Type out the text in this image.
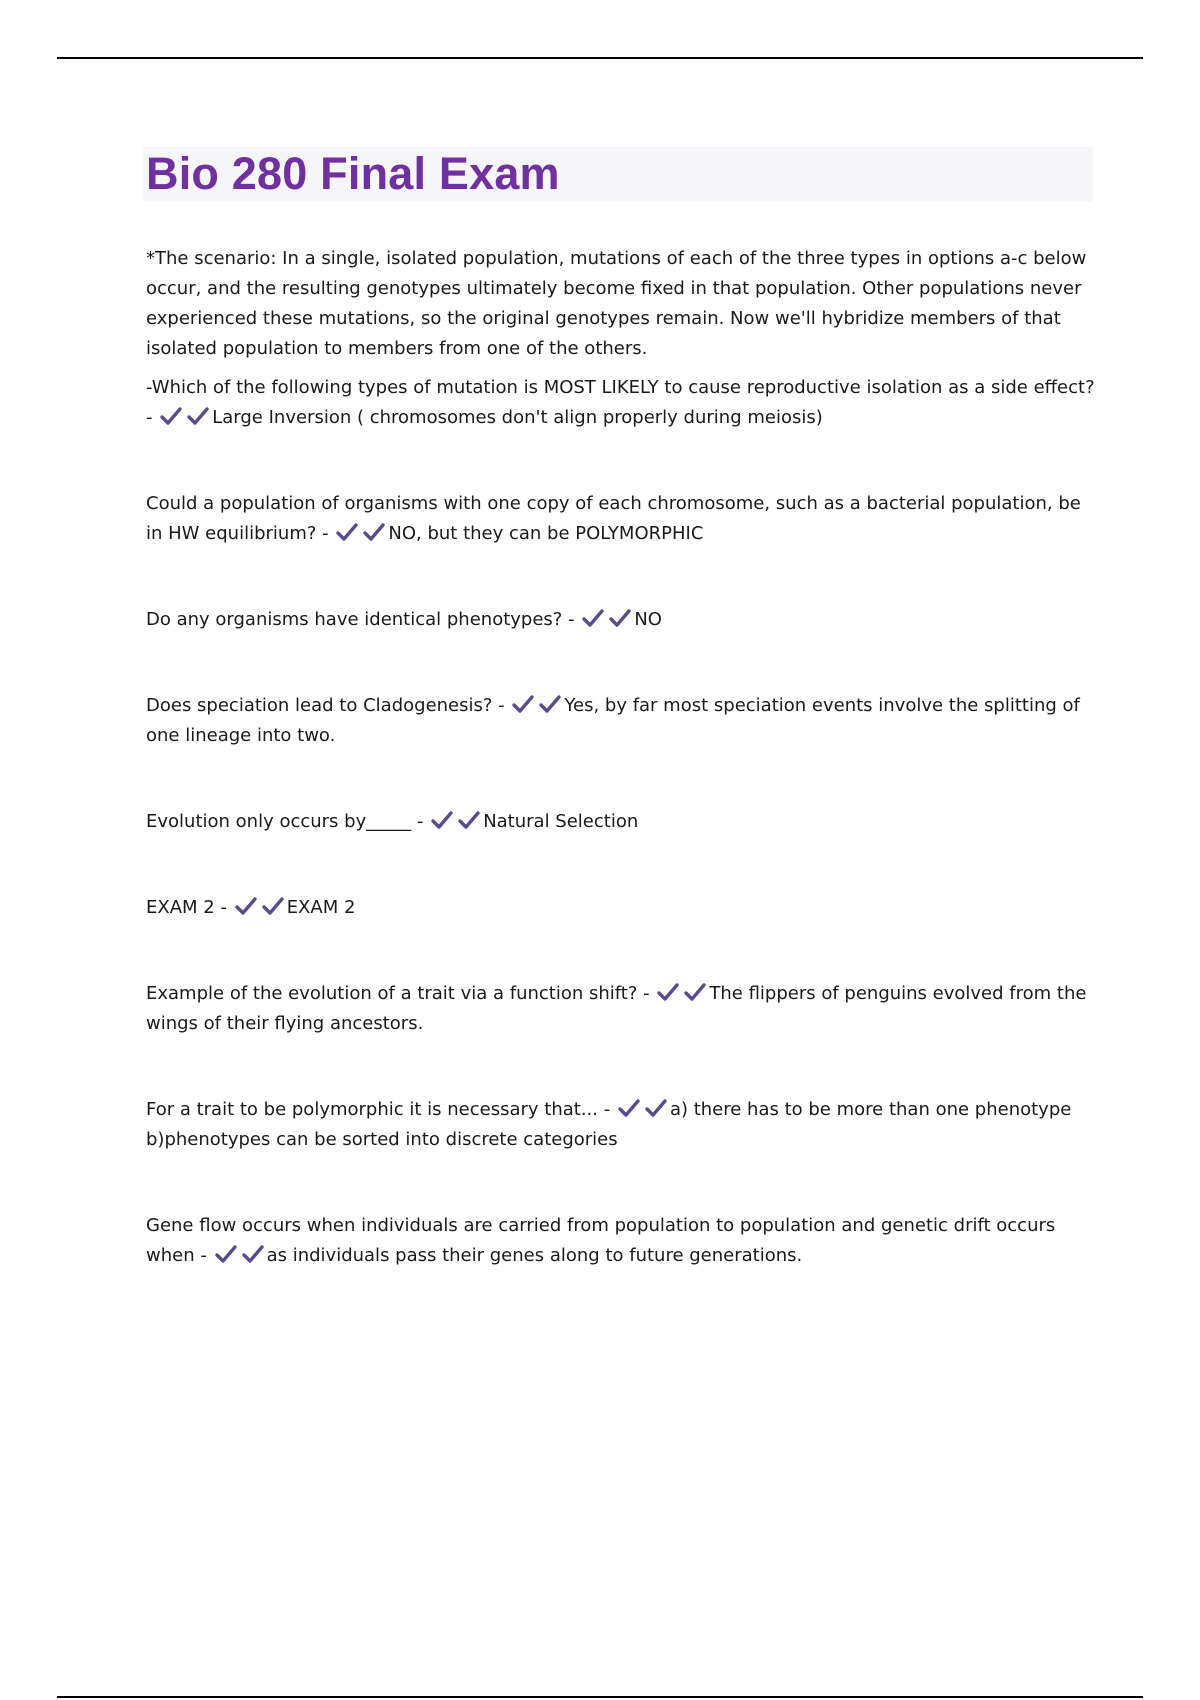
Bio 280 Final Exam

*The scenario: In a single, isolated population, mutations of each of the three types in options a-c below occur, and the resulting genotypes ultimately become fixed in that population. Other populations never experienced these mutations, so the original genotypes remain. Now we'll hybridize members of that isolated population to members from one of the others.

-Which of the following types of mutation is MOST LIKELY to cause reproductive isolation as a side effect? -	Large Inversion ( chromosomes don't align properly during meiosis)

Could a population of organisms with one copy of each chromosome, such as a bacterial population, be in HW equilibrium? -	NO, but they can be POLYMORPHIC

Do any organisms have identical phenotypes? -	NO

Does speciation lead to Cladogenesis? -	Yes, by far most speciation events involve the splitting of one lineage into two.

Evolution only occurs by_____ -	Natural Selection

EXAM 2 -	EXAM 2

Example of the evolution of a trait via a function shift? -	The flippers of penguins evolved from the wings of their flying ancestors.

For a trait to be polymorphic it is necessary that... -	a) there has to be more than one phenotype

b)phenotypes can be sorted into discrete categories

Gene flow occurs when individuals are carried from population to population and genetic drift occurs when -	as individuals pass their genes along to future generations.
